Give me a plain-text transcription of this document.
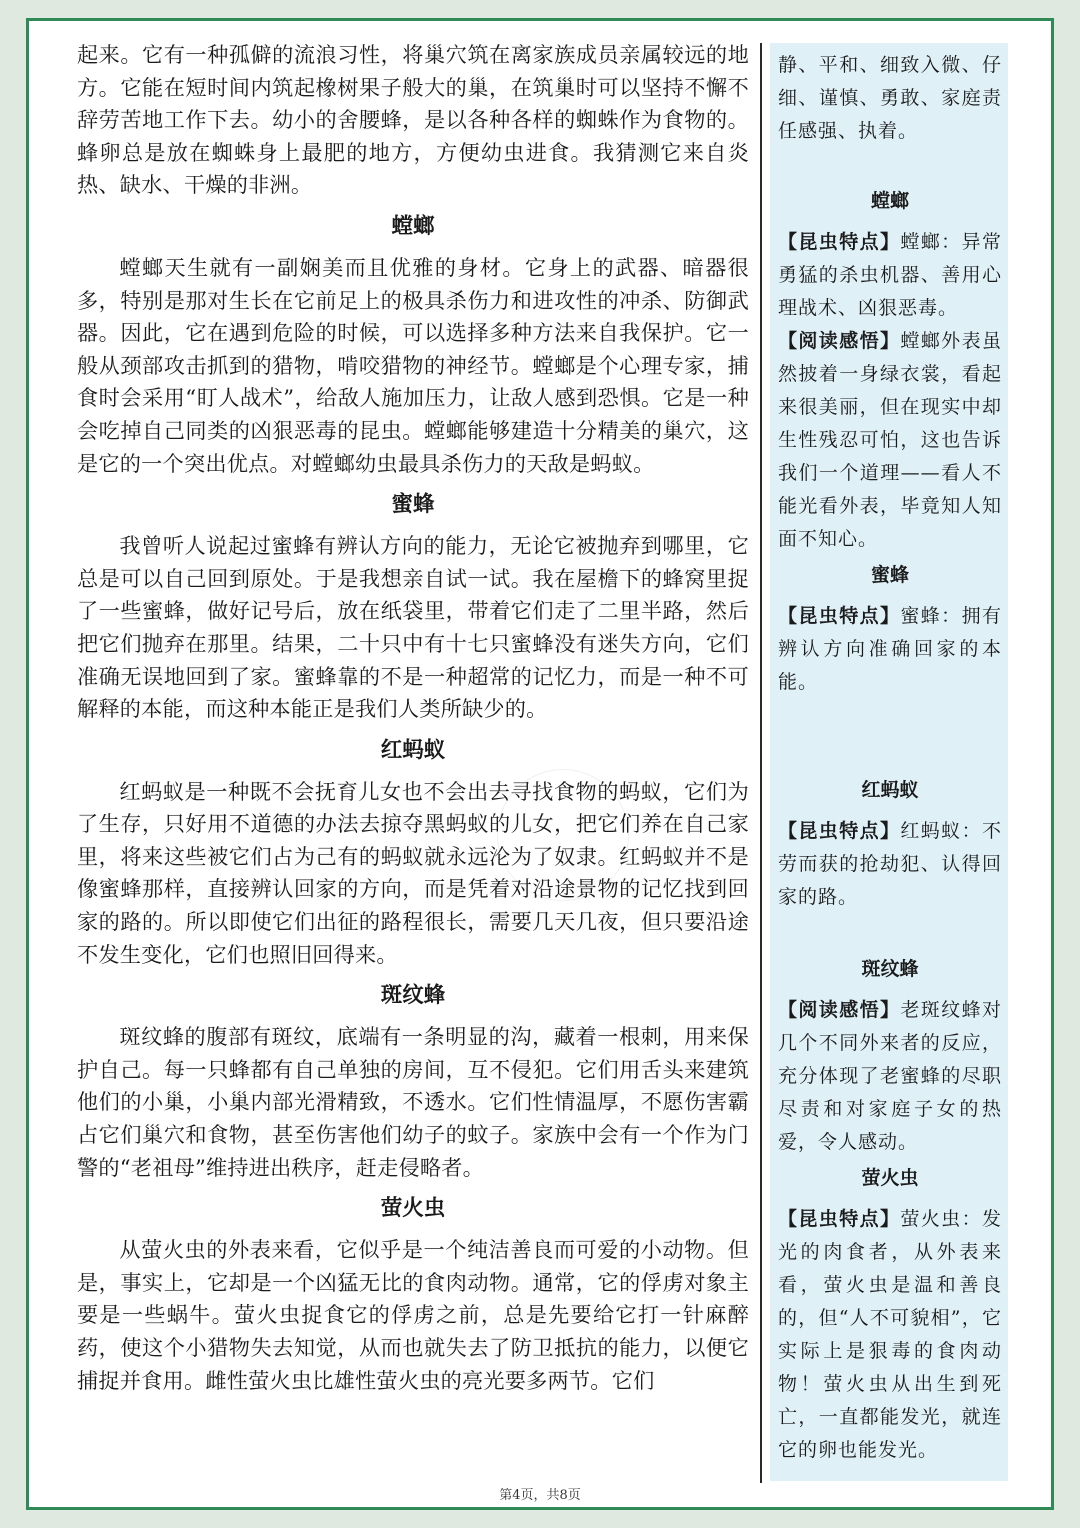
起来。它有一种孤僻的流浪习性，将巢穴筑在离家族成员亲属较远的地方。它能在短时间内筑起橡树果子般大的巢，在筑巢时可以坚持不懈不辞劳苦地工作下去。幼小的舍腰蜂，是以各种各样的蜘蛛作为食物的。蜂卵总是放在蜘蛛身上最肥的地方，方便幼虫进食。我猜测它来自炎热、缺水、干燥的非洲。

螳螂

螳螂天生就有一副娴美而且优雅的身材。它身上的武器、暗器很多，特别是那对生长在它前足上的极具杀伤力和进攻性的冲杀、防御武器。因此，它在遇到危险的时候，可以选择多种方法来自我保护。它一般从颈部攻击抓到的猎物，啃咬猎物的神经节。螳螂是个心理专家，捕食时会采用“盯人战术”，给敌人施加压力，让敌人感到恐惧。它是一种会吃掉自己同类的凶狠恶毒的昆虫。螳螂能够建造十分精美的巢穴，这是它的一个突出优点。对螳螂幼虫最具杀伤力的天敌是蚂蚁。

蜜蜂

我曾听人说起过蜜蜂有辨认方向的能力，无论它被抛弃到哪里，它总是可以自己回到原处。于是我想亲自试一试。我在屋檐下的蜂窝里捉了一些蜜蜂，做好记号后，放在纸袋里，带着它们走了二里半路，然后把它们抛弃在那里。结果，二十只中有十七只蜜蜂没有迷失方向，它们准确无误地回到了家。蜜蜂靠的不是一种超常的记忆力，而是一种不可解释的本能，而这种本能正是我们人类所缺少的。

红蚂蚁

红蚂蚁是一种既不会抚育儿女也不会出去寻找食物的蚂蚁，它们为了生存，只好用不道德的办法去掠夺黑蚂蚁的儿女，把它们养在自己家里，将来这些被它们占为己有的蚂蚁就永远沦为了奴隶。红蚂蚁并不是像蜜蜂那样，直接辨认回家的方向，而是凭着对沿途景物的记忆找到回家的路的。所以即使它们出征的路程很长，需要几天几夜，但只要沿途不发生变化，它们也照旧回得来。

斑纹蜂

斑纹蜂的腹部有斑纹，底端有一条明显的沟，藏着一根刺，用来保护自己。每一只蜂都有自己单独的房间，互不侵犯。它们用舌头来建筑他们的小巢，小巢内部光滑精致，不透水。它们性情温厚，不愿伤害霸占它们巢穴和食物，甚至伤害他们幼子的蚊子。家族中会有一个作为门警的“老祖母”维持进出秩序，赶走侵略者。

萤火虫

从萤火虫的外表来看，它似乎是一个纯洁善良而可爱的小动物。但是，事实上，它却是一个凶猛无比的食肉动物。通常，它的俘虏对象主要是一些蜗牛。萤火虫捉食它的俘虏之前，总是先要给它打一针麻醉药，使这个小猎物失去知觉，从而也就失去了防卫抵抗的能力，以便它捕捉并食用。雌性萤火虫比雄性萤火虫的亮光要多两节。它们

静、平和、细致入微、仔细、谨慎、勇敢、家庭责任感强、执着。

螳螂

【昆虫特点】螳螂：异常勇猛的杀虫机器、善用心理战术、凶狠恶毒。

【阅读感悟】螳螂外表虽然披着一身绿衣裳，看起来很美丽，但在现实中却生性残忍可怕，这也告诉我们一个道理——看人不能光看外表，毕竟知人知面不知心。

蜜蜂

【昆虫特点】蜜蜂：拥有辨认方向准确回家的本能。

红蚂蚁

【昆虫特点】红蚂蚁：不劳而获的抢劫犯、认得回家的路。

斑纹蜂

【阅读感悟】老斑纹蜂对几个不同外来者的反应，充分体现了老蜜蜂的尽职尽责和对家庭子女的热爱，令人感动。

萤火虫

【昆虫特点】萤火虫：发光的肉食者，从外表来看，萤火虫是温和善良的，但“人不可貌相”，它实际上是狠毒的食肉动物！萤火虫从出生到死亡，一直都能发光，就连它的卵也能发光。

第4页，共8页
